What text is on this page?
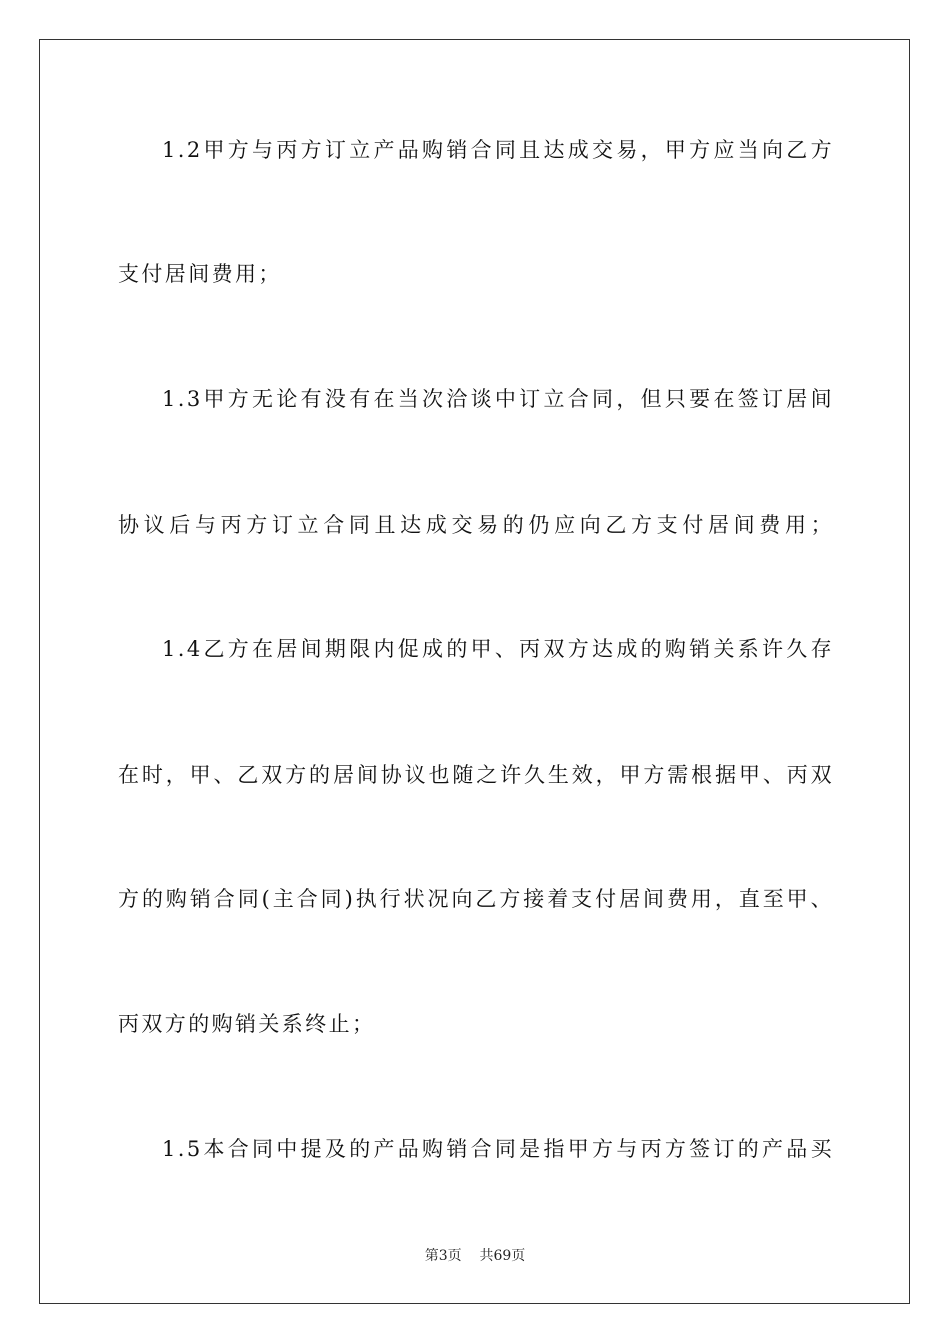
1.2甲方与丙方订立产品购销合同且达成交易，甲方应当向乙方
支付居间费用；
1.3甲方无论有没有在当次洽谈中订立合同，但只要在签订居间
协议后与丙方订立合同且达成交易的仍应向乙方支付居间费用；
1.4乙方在居间期限内促成的甲、丙双方达成的购销关系许久存
在时，甲、乙双方的居间协议也随之许久生效，甲方需根据甲、丙双
方的购销合同(主合同)执行状况向乙方接着支付居间费用，直至甲、
丙双方的购销关系终止；
1.5本合同中提及的产品购销合同是指甲方与丙方签订的产品买
第3页    共69页
